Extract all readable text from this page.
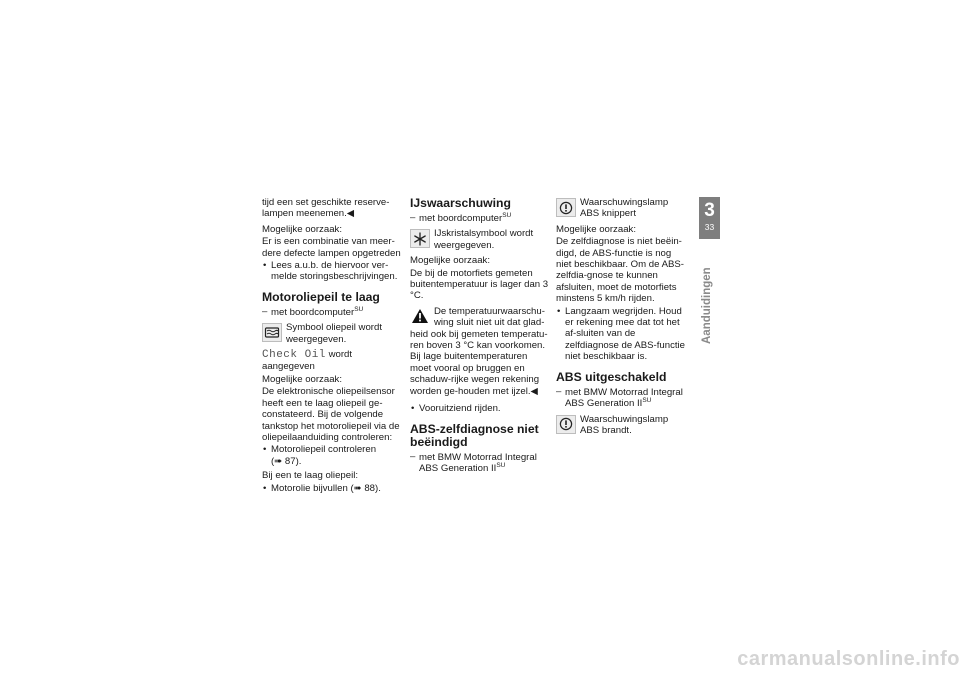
tijd een set geschikte reserve-lampen meenemen.◀

Mogelijke oorzaak:

Er is een combinatie van meer-dere defecte lampen opgetreden

• Lees a.u.b. de hiervoor ver-melde storingsbeschrijvingen.
Motoroliepeil te laag
– met boordcomputer$^{SU}$
Symbool oliepeil wordt weergegeven.

Check Oil wordt aangegeven

Mogelijke oorzaak:

De elektronische oliepeilsensor heeft een te laag oliepeil ge-constateerd. Bij de volgende tankstop het motoroliepeil via de oliepeilaanduiding controleren:

• Motoroliepeil controleren
(➠ 87).

Bij een te laag oliepeil:

• Motorolie bijvullen (➠ 88).
IJswaarschuwing
– met boordcomputer$^{SU}$
IJskristalsymbool wordt weergegeven.

Mogelijke oorzaak:

De bij de motorfiets gemeten buitentemperatuur is lager dan 3 °C.

De temperatuurwaarschu-wing sluit niet uit dat glad-heid ook bij gemeten temperatu-ren boven 3 °C kan voorkomen. Bij lage buitentemperaturen moet vooral op bruggen en schaduw-rijke wegen rekening worden ge-houden met ijzel.◀
• Vooruitziend rijden.
ABS-zelfdiagnose niet beëindigd
– met BMW Motorrad Integral ABS Generation $II^{SU}$
Waarschuwingslamp ABS knippert

Mogelijke oorzaak:

De zelfdiagnose is niet beëin-digd, de ABS-functie is nog niet beschikbaar. Om de ABS-zelfdia-gnose te kunnen afsluiten, moet de motorfiets minstens 5 km/h rijden.

• Langzaam wegrijden. Houd er rekening mee dat tot het af-sluiten van de zelfdiagnose de ABS-functie niet beschikbaar is.
ABS uitgeschakeld
– met BMW Motorrad Integral ABS Generation $II^{SU}$
Waarschuwingslamp ABS brandt.
3
33
Aanduidingen
carmanualsonline.info
